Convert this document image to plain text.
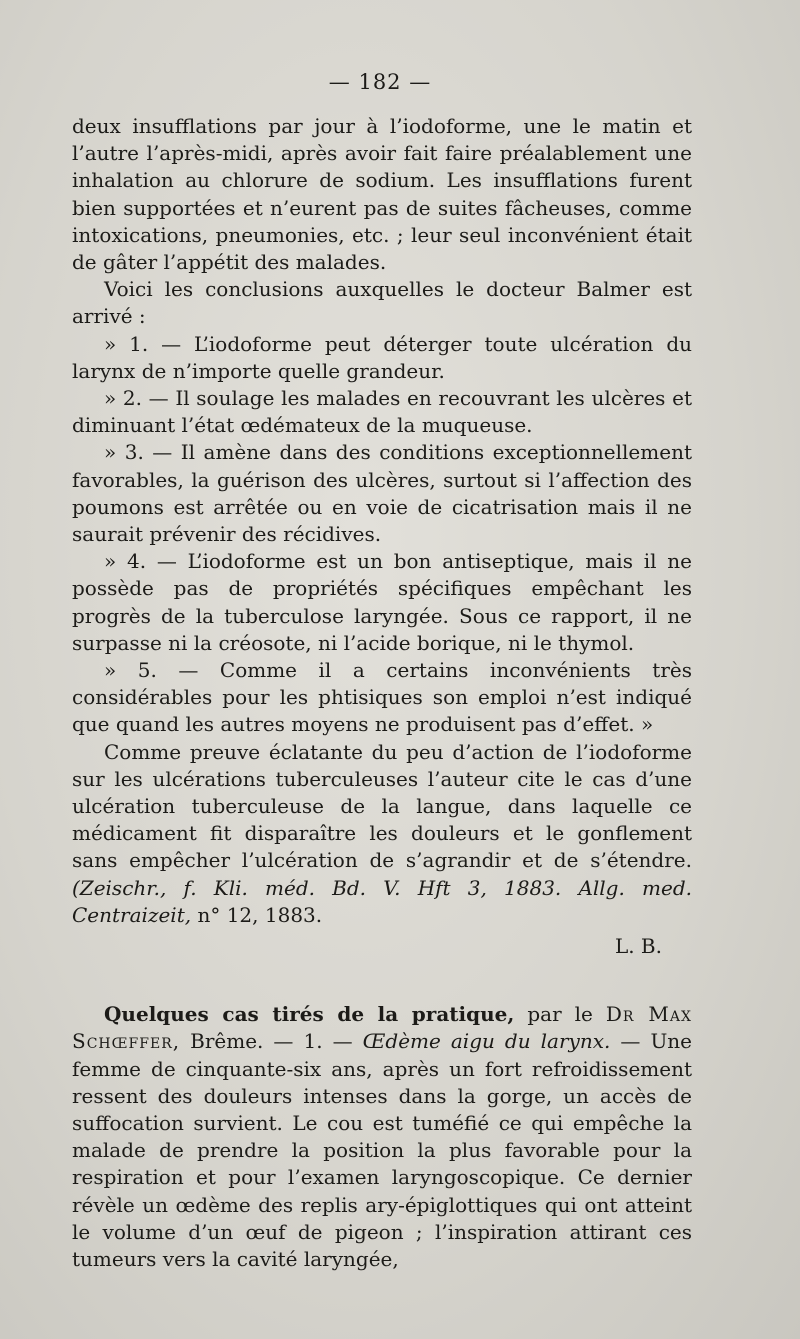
— 182 —

deux insufflations par jour à l’iodoforme, une le matin et l’autre l’après-midi, après avoir fait faire préalablement une inhalation au chlorure de sodium. Les insufflations furent bien supportées et n’eurent pas de suites fâcheuses, comme intoxications, pneumonies, etc. ; leur seul inconvénient était de gâter l’appétit des malades.

Voici les conclusions auxquelles le docteur Balmer est arrivé :

» 1. — L’iodoforme peut déterger toute ulcération du larynx de n’importe quelle grandeur.

» 2. — Il soulage les malades en recouvrant les ulcères et diminuant l’état œdémateux de la muqueuse.

» 3. — Il amène dans des conditions exceptionnellement favorables, la guérison des ulcères, surtout si l’affection des poumons est arrêtée ou en voie de cicatrisation mais il ne saurait prévenir des récidives.

» 4. — L’iodoforme est un bon antiseptique, mais il ne possède pas de propriétés spécifiques empêchant les progrès de la tuberculose laryngée. Sous ce rapport, il ne surpasse ni la créosote, ni l’acide borique, ni le thymol.

» 5. — Comme il a certains inconvénients très considérables pour les phtisiques son emploi n’est indiqué que quand les autres moyens ne produisent pas d’effet. »

Comme preuve éclatante du peu d’action de l’iodoforme sur les ulcérations tuberculeuses l’auteur cite le cas d’une ulcération tuberculeuse de la langue, dans laquelle ce médicament fit disparaître les douleurs et le gonflement sans empêcher l’ulcération de s’agrandir et de s’étendre. (Zeischr., f. Kli. méd. Bd. V. Hft 3, 1883. Allg. med. Centraizeit, n° 12, 1883.

L. B.

Quelques cas tirés de la pratique, par le Dr Max Schœffer, Brême. — 1. — Œdème aigu du larynx. — Une femme de cinquante-six ans, après un fort refroidissement ressent des douleurs intenses dans la gorge, un accès de suffocation survient. Le cou est tuméfié ce qui empêche la malade de prendre la position la plus favorable pour la respiration et pour l’examen laryngoscopique. Ce dernier révèle un œdème des replis ary-épiglottiques qui ont atteint le volume d’un œuf de pigeon ; l’inspiration attirant ces tumeurs vers la cavité laryngée,
